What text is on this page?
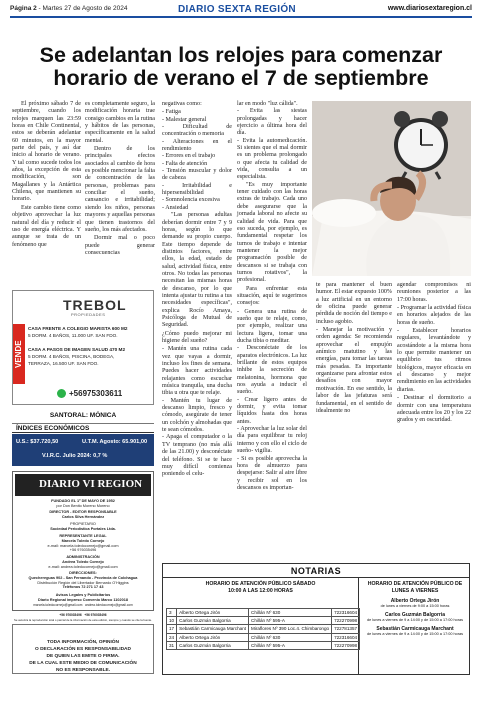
Página 2 - Martes 27 de Agosto de 2024	DIARIO SEXTA REGIÓN	www.diariosextaregion.cl
Se adelantan los relojes para comenzar horario de verano el 7 de septiembre

El próximo sábado 7 de septiembre, cuando los relojes marquen las 23:59 horas en Chile Continental, estos se deberán adelantar 60 minutos, en la mayor parte del país, y así dar inicio al horario de verano. Y tal como sucede todos los años, la excepción de esta modificación, son Magallanes y la Antártica Chilena, que mantienen su horario.

Este cambio tiene como objetivo aprovechar la luz natural del día y reducir el uso de energía eléctrica. Y aunque se trata de un fenómeno que

es completamente seguro, la modificación horaria trae consigo cambios en la rutina y hábitos de las personas, específicamente en la salud mental.

Dentro de los principales efectos asociados al cambio de hora es posible mencionar la falta de concentración de las personas, problemas para conciliar el sueño, cansancio e irritabilidad; siendo los niños, personas mayores y aquellas personas que tienen trastornos del sueño, los más afectados.

Dormir mal o poco puede generar consecuencias

negativas como:

- Fatiga
- Malestar general
- Dificultad de concentración o memoria
- Alteraciones en el rendimiento
- Errores en el trabajo
- Falta de atención
- Tensión muscular y dolor de cabeza
- Irritabilidad e hipersensibilidad
- Somnolencia excesiva
- Ansiedad

"Las personas adultas deberían dormir entre 7 y 9 horas, según lo que demande su propio cuerpo. Este tiempo depende de distintos factores, entre ellos, la edad, estado de salud, actividad física, entre otros. No todas las personas necesitan las mismas horas de descanso, por lo que intenta ajustar tu rutina a tus necesidades específicas", explica Rocío Amaya, Psicóloga de Mutual de Seguridad.

¿Cómo puedo mejorar mi higiene del sueño?

- Mantén una rutina cada vez que vayas a dormir, incluso los fines de semana. Puedes hacer actividades relajantes como escuchar música tranquila, una ducha tibia u otra que te relaje.
- Mantén tu lugar de descanso limpio, fresco y cómodo, asegúrate de tener un colchón y almohadas que te sean cómodos.
- Apaga el computador o la TV temprano (no más allá de las 21.00) y desconéctate del teléfono. Si se te hace muy difícil comienza poniendo el celu-
lar en modo "luz cálida".
- Evita las siestas prolongadas y hacer ejercicio a última hora del día.
- Evita la automedicación. Si sientes que el mal dormir es un problema prolongado o que afecta tu calidad de vida, consulta a un especialista.

"Es muy importante tener cuidado con las horas extras de trabajo. Cada uno debe asegurarse que la jornada laboral no afecte su calidad de vida. Para que eso suceda, por ejemplo, es fundamental respetar los turnos de trabajo e intentar mantener la mejor programación posible de descansos si se trabaja con turnos rotativos", la profesional.

Para enfrentar esta situación, aquí te sugerimos consejos:

- Genera una rutina de sueño que te relaje, como, por ejemplo, realizar una lectura ligera, tomar una ducha tibia o meditar.
- Desconéctate de los aparatos electrónicos. La luz brillante de estos equipos inhibe la secreción de melatonina, hormona que nos ayuda a inducir el sueño.
- Crear ligero antes de dormir, y evita tomar líquidos hasta dos horas antes.
- Aprovechar la luz solar del día para equilibrar tu reloj interno y con ello el ciclo de sueño- vigilia.
- Si es posible aprovecha la hora de almuerzo para despejarse: Salir al aire libre y recibir sol en los descansos es importan-
TREBOL
PROPIEDADES
VENDE
CASA FRENTE A COLEGIO MARISTA 600 M2
5 DORM. 4 BAÑOS, 11.000 UF. SAN FDO.
CASA A PASOS DE IMAGEN SALUD 470 M2
5 DORM. 4 BAÑOS, PISCINA, BODEGA,
TERRAZA, 16.500 UF. SAN FDO.
+56975303611
SANTORAL: MÓNICA
ÍNDICES ECONÓMICOS
U.S.: $37.720,50	U.T.M. Agosto: 65.901,00
V.I.R.C. Julio 2024: 0,7 %
DIARIO VI REGION
FUNDADO EL 1º DE MAYO DE 1952
por Don Benito Moreno Moreno
DIRECTOR - EDITOR RESPONSABLE
Carlos Silva Hernández
PROPIETARIO
Sociedad Periodística Portales Ltda.
REPRESENTANTE LEGAL
Marcela Toledo Cornejo
e-mail: marcela.toledocornejo@gmail.com
+56 976035496
ADMINISTRACIÓN
Andrea Toledo Cornejo
e-mail: andrea.toledocornejo@gmail.com
DIRECCIONES:
Quechereguas 902 - San Fernando - Provincia de Colchagua
Distribución Región del Libertador Bernardo O'Higgins
Teléfonos 72 271 17 43
Avisos Legales y Publicitarios
Diario Regional impreso Convenio Marco 1102018
marcela.toledocornejo@gmail.com andrea.toledocornejo@gmail.com
+56 976035496 +56 976035496
Se autoriza la reproducción total o parcial de la información de esta edición, siempre y cuando se cite la fuente.
TODA INFORMACIÓN, OPINIÓN
O DECLARACIÓN ES RESPONSABILIDAD
DE QUIEN LAS EMITE O FIRMA.
DE LA CUAL ESTE MEDIO DE COMUNICACIÓN
NO ES RESPONSABLE.

te para mantener el buen humor. El estar expuesto 100% a luz artificial en un entorno de oficina puede generar pérdida de noción del tiempo e incluso agobio.

- Manejar la motivación y orden agenda: Se recomienda aprovechar el empujón anímico matutino y las energías, para tomar las tareas más pesadas. Es importante organizarse para afrontar estos desafíos con mayor motivación. En ese sentido, la labor de las jefaturas será fundamental, en el sentido de idealmente no

agendar compromisos ni reuniones posterior a las 17:00 horas.

- Programar la actividad física en horarios alejados de las horas de sueño.

- Establecer horarios regulares, levantándote y acostándote a la misma hora lo que permite mantener un equilibrio tus ritmos biológicos, mayor eficacia en el descanso y mejor rendimiento en las actividades diarias.

- Destinar el dormitorio a dormir con una temperatura adecuada entre los 20 y los 22 grados y en oscuridad.

NOTARIAS
HORARIO DE ATENCIÓN PÚBLICO SÁBADO
10:00 A LAS 12:00 HORAS
3	Alberto Ortega Jirón	Chillán Nº 630	722316604
10	Carlos Guzmán Balgorria	Chillán Nº 595-A	722270998
17	Sebastián Carmicauga Marchant	Miraflores Nº 390 Loc.4. Chimbarongo	722781357
24	Alberto Ortega Jirón	Chillán Nº 630	722316604
31	Carlos Guzmán Balgorria	Chillán Nº 595-A	722270998
HORARIO DE ATENCIÓN PÚBLICO DE
LUNES A VIERNES
Alberto Ortega Jirón
de lunes a viernes de 9:00 a 15:00 horas
Carlos Guzmán Balgorria
de lunes a viernes de 9 a 14:00 y de 15:00 a 17:00 horas
Sebastián Carmicauga Marchant
de lunes a viernes de 9 a 14:00 y de 15:00 a 17:00 horas
